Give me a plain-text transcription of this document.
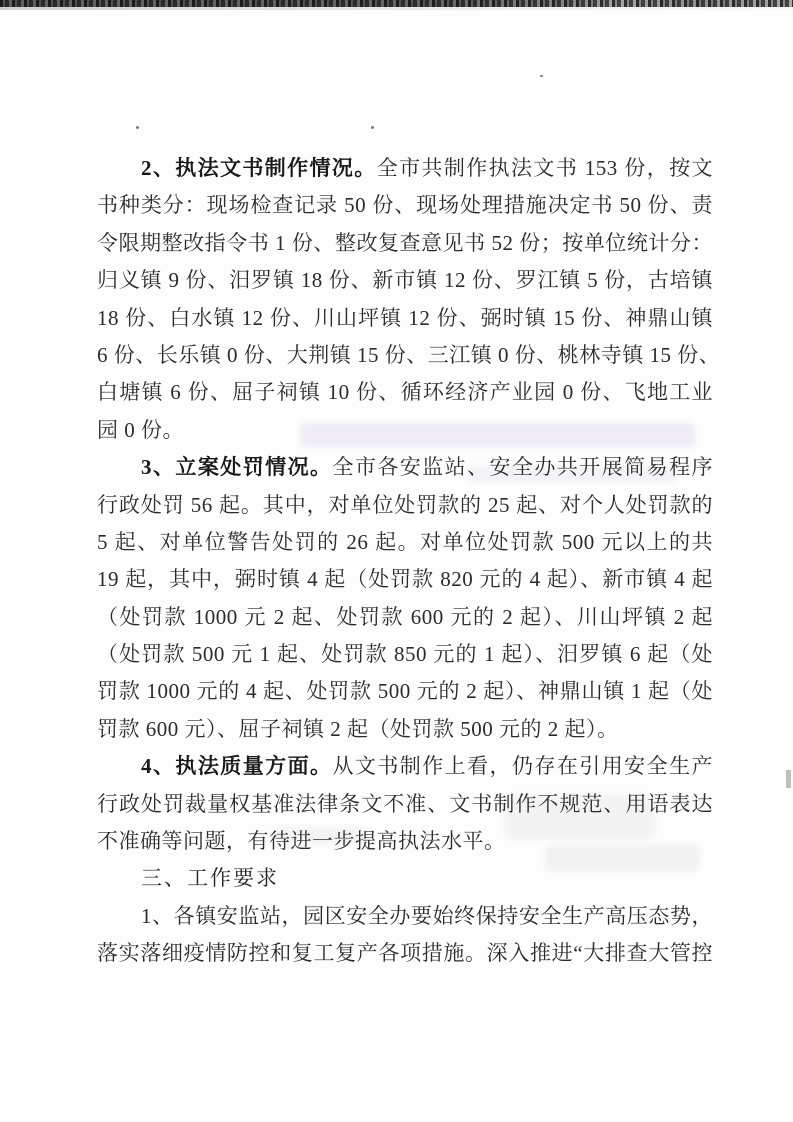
2、执法文书制作情况。全市共制作执法文书 153 份，按文
书种类分：现场检查记录 50 份、现场处理措施决定书 50 份、责
令限期整改指令书 1 份、整改复查意见书 52 份；按单位统计分：
归义镇 9 份、汨罗镇 18 份、新市镇 12 份、罗江镇 5 份，古培镇
18 份、白水镇 12 份、川山坪镇 12 份、弼时镇 15 份、神鼎山镇
6 份、长乐镇 0 份、大荆镇 15 份、三江镇 0 份、桃林寺镇 15 份、
白塘镇 6 份、屈子祠镇 10 份、循环经济产业园 0 份、飞地工业
园 0 份。
3、立案处罚情况。全市各安监站、安全办共开展简易程序
行政处罚 56 起。其中，对单位处罚款的 25 起、对个人处罚款的
5 起、对单位警告处罚的 26 起。对单位处罚款 500 元以上的共
19 起，其中，弼时镇 4 起（处罚款 820 元的 4 起）、新市镇 4 起
（处罚款 1000 元 2 起、处罚款 600 元的 2 起）、川山坪镇 2 起
（处罚款 500 元 1 起、处罚款 850 元的 1 起）、汨罗镇 6 起（处
罚款 1000 元的 4 起、处罚款 500 元的 2 起）、神鼎山镇 1 起（处
罚款 600 元）、屈子祠镇 2 起（处罚款 500 元的 2 起）。
4、执法质量方面。从文书制作上看，仍存在引用安全生产
行政处罚裁量权基准法律条文不准、文书制作不规范、用语表达
不准确等问题，有待进一步提高执法水平。
三、工作要求
1、各镇安监站，园区安全办要始终保持安全生产高压态势，
落实落细疫情防控和复工复产各项措施。深入推进“大排查大管控
